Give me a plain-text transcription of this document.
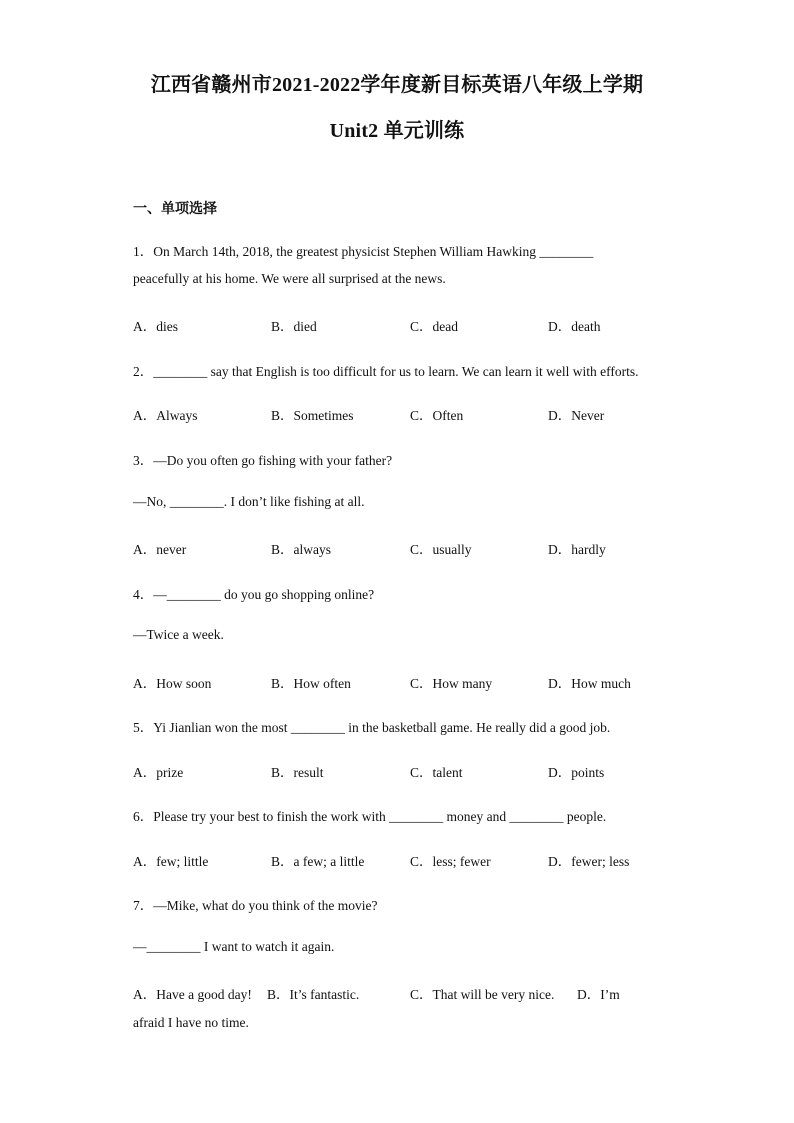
江西省赣州市2021-2022学年度新目标英语八年级上学期
Unit2 单元训练
一、单项选择
1．On March 14th, 2018, the greatest physicist Stephen William Hawking ________
peacefully at his home. We were all surprised at the news.
A．dies	B．died	C．dead	D．death
2．________ say that English is too difficult for us to learn. We can learn it well with efforts.
A．Always	B．Sometimes	C．Often	D．Never
3．—Do you often go fishing with your father?
—No, ________. I don’t like fishing at all.
A．never	B．always	C．usually	D．hardly
4．—________ do you go shopping online?
—Twice a week.
A．How soon	B．How often	C．How many	D．How much
5．Yi Jianlian won the most ________ in the basketball game. He really did a good job.
A．prize	B．result	C．talent	D．points
6．Please try your best to finish the work with ________ money and ________ people.
A．few; little	B．a few; a little	C．less; fewer	D．fewer; less
7．—Mike, what do you think of the movie?
—________ I want to watch it again.
A．Have a good day! B．It’s fantastic.	C．That will be very nice. D．I’m
afraid I have no time.
